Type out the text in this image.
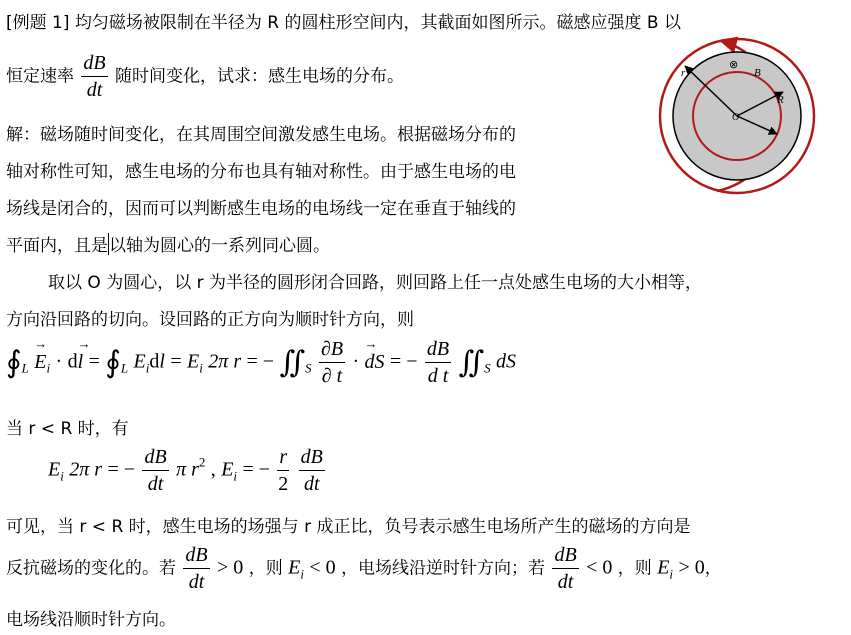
[例题 1] 均匀磁场被限制在半径为 R 的圆柱形空间内，其截面如图所示。磁感应强度 B 以
恒定速率 $\frac{dB}{dt}$ 随时间变化，试求：感生电场的分布。
解：磁场随时间变化，在其周围空间激发感生电场。根据磁场分布的
轴对称性可知，感生电场的分布也具有轴对称性。由于感生电场的电
场线是闭合的，因而可以判断感生电场的电场线一定在垂直于轴线的
平面内，且是以轴为圆心的一系列同心圆。
取以 O 为圆心，以 r 为半径的圆形闭合回路，则回路上任一点处感生电场的大小相等，
方向沿回路的切向。设回路的正方向为顺时针方向，则
$∮_L \to E_i \cdot d\to l$ = $∮_L$ $E_idl = E_i$ 2π r = − $∬_S \frac{\partial B}{\partial t}$ · → dS = − $\frac{dB}{\text{d t}}$ $∬_S$ dS
当 r < R 时，有
$E_i$ 2π r = − $\frac{dB}{dt}$ π $r^2$ , $E_i$ = − $\frac{r}{2}$
$\frac{dB}{dt}$
可见，当 r < R 时，感生电场的场强与 r 成正比，负号表示感生电场所产生的磁场的方向是
反抗磁场的变化的。若 $\frac{dB}{dt} > 0$ ，则 $E_i < 0$ ，电场线沿逆时针方向；若 $\frac{dB}{dt} < 0$ ，则 $E_i > 0$，
电场线沿顺时针方向。
⊗
B
R
O
r
